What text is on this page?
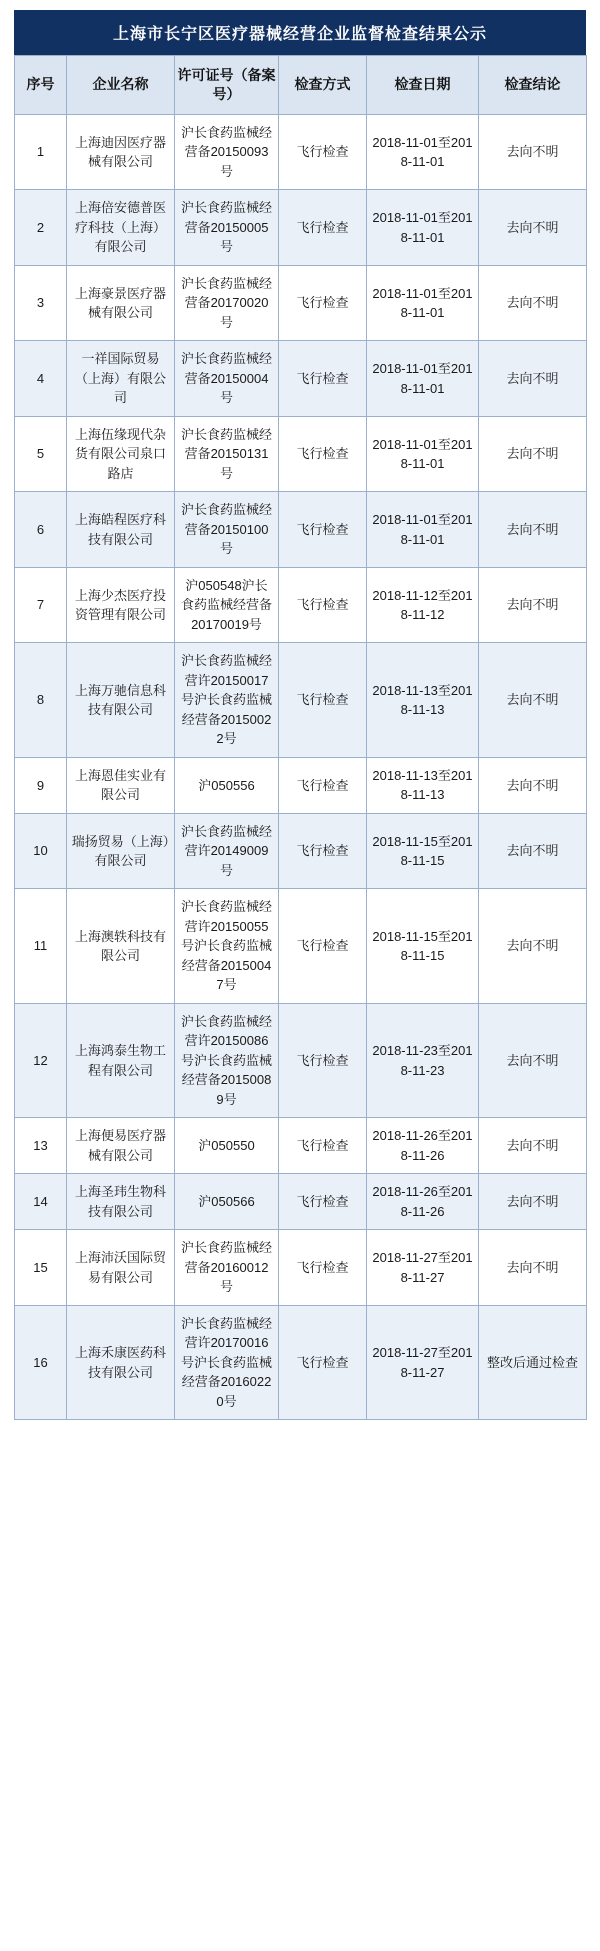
上海市长宁区医疗器械经营企业监督检查结果公示
序号	企业名称	许可证号（备案号）	检查方式	检查日期	检查结论
1	上海迪因医疗器械有限公司	沪长食药监械经营备20150093号	飞行检查	2018-11-01至2018-11-01	去向不明
2	上海倍安德普医疗科技（上海）有限公司	沪长食药监械经营备20150005号	飞行检查	2018-11-01至2018-11-01	去向不明
3	上海豪景医疗器械有限公司	沪长食药监械经营备20170020号	飞行检查	2018-11-01至2018-11-01	去向不明
4	一祥国际贸易（上海）有限公司	沪长食药监械经营备20150004号	飞行检查	2018-11-01至2018-11-01	去向不明
5	上海伍缘现代杂货有限公司泉口路店	沪长食药监械经营备20150131号	飞行检查	2018-11-01至2018-11-01	去向不明
6	上海皓程医疗科技有限公司	沪长食药监械经营备20150100号	飞行检查	2018-11-01至2018-11-01	去向不明
7	上海少杰医疗投资管理有限公司	沪050548沪长食药监械经营备20170019号	飞行检查	2018-11-12至2018-11-12	去向不明
8	上海万驰信息科技有限公司	沪长食药监械经营许20150017号沪长食药监械经营备20150022号	飞行检查	2018-11-13至2018-11-13	去向不明
9	上海恩佳实业有限公司	沪050556	飞行检查	2018-11-13至2018-11-13	去向不明
10	瑞扬贸易（上海）有限公司	沪长食药监械经营许20149009号	飞行检查	2018-11-15至2018-11-15	去向不明
11	上海澳轶科技有限公司	沪长食药监械经营许20150055号沪长食药监械经营备20150047号	飞行检查	2018-11-15至2018-11-15	去向不明
12	上海鸿泰生物工程有限公司	沪长食药监械经营许20150086号沪长食药监械经营备20150089号	飞行检查	2018-11-23至2018-11-23	去向不明
13	上海便易医疗器械有限公司	沪050550	飞行检查	2018-11-26至2018-11-26	去向不明
14	上海圣玮生物科技有限公司	沪050566	飞行检查	2018-11-26至2018-11-26	去向不明
15	上海沛沃国际贸易有限公司	沪长食药监械经营备20160012号	飞行检查	2018-11-27至2018-11-27	去向不明
16	上海禾康医药科技有限公司	沪长食药监械经营许20170016号沪长食药监械经营备20160220号	飞行检查	2018-11-27至2018-11-27	整改后通过检查
